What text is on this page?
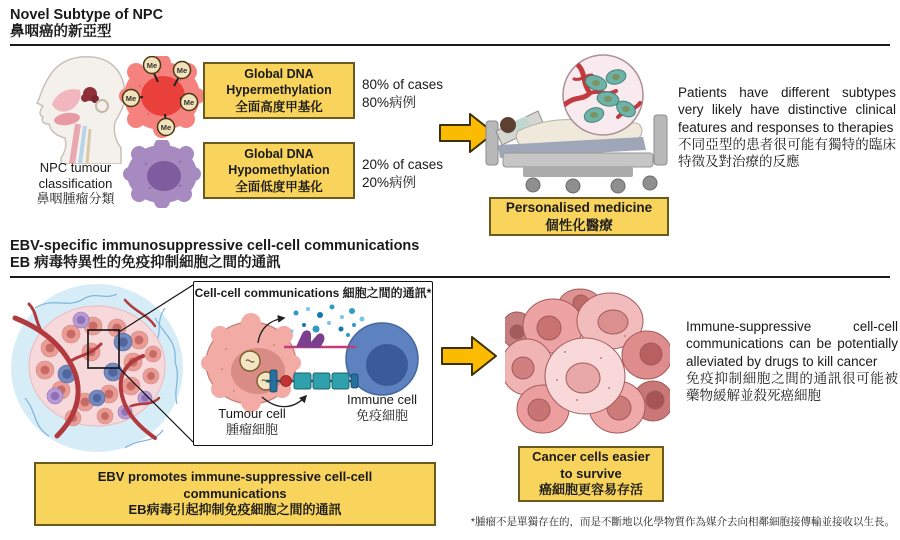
Novel Subtype of NPC
鼻咽癌的新亞型
NPC tumour classification
鼻咽腫瘤分類
Me
Me
Me
Me
Me
Global DNA
Hypermethylation
全面高度甲基化
80% of cases
80%病例
Global DNA
Hypomethylation
全面低度甲基化
20% of cases
20%病例
Personalised medicine
個性化醫療
Patients have different subtypes very likely have distinctive clinical features and responses to therapies
不同亞型的患者很可能有獨特的臨床特徵及對治療的反應
EBV-specific immunosuppressive cell-cell communications
EB 病毒特異性的免疫抑制細胞之間的通訊
Cell-cell communications 細胞之間的通訊*
Tumour cell
腫瘤細胞
Immune cell
免疫細胞
EBV promotes immune-suppressive cell-cell
communications
EB病毒引起抑制免疫細胞之間的通訊
Cancer cells easier
to survive
癌細胞更容易存活
Immune-suppressive cell-cell communications can be potentially alleviated by drugs to kill cancer
免疫抑制細胞之間的通訊很可能被藥物緩解並殺死癌細胞
*腫瘤不是單獨存在的，而是不斷地以化學物質作為媒介去向相鄰細胞接傳輸並接收以生長。
